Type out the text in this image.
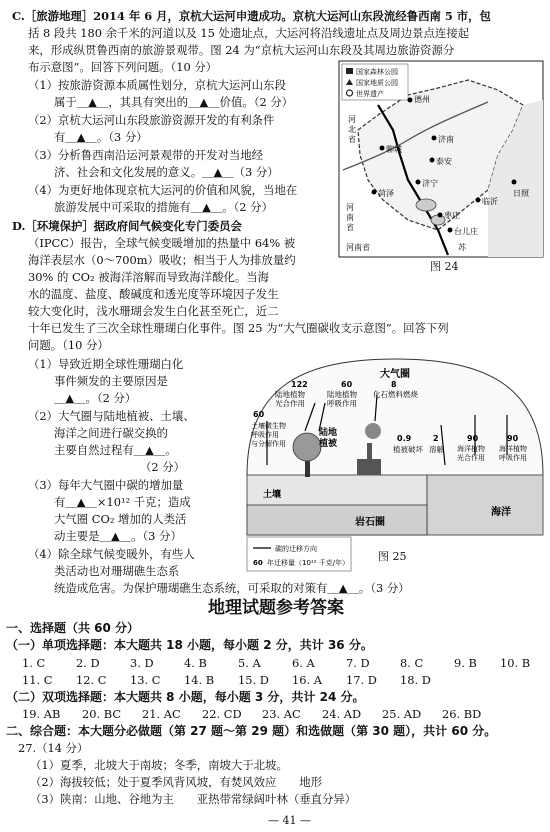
C.［旅游地理］2014 年 6 月，京杭大运河申遗成功。京杭大运河山东段流经鲁西南 5 市，包
括 8 段共 180 余千米的河道以及 15 处遗址点，大运河将沿线遗址点及周边景点连接起
来，形成纵贯鲁西南的旅游景观带。图 24 为“京杭大运河山东段及其周边旅游资源分
布示意图”。回答下列问题。（10 分）
（1）按旅游资源本质属性划分，京杭大运河山东段
属于＿▲＿，其具有突出的＿▲＿价值。（2 分）
（2）京杭大运河山东段旅游资源开发的有利条件
有＿▲＿。（3 分）
（3）分析鲁西南沿运河景观带的开发对当地经
济、社会和文化发展的意义。＿▲＿（3 分）
（4）为更好地体现京杭大运河的价值和风貌，当地在
旅游发展中可采取的措施有＿▲＿。（2 分）
国家森林公园
国家地质公园
世界遗产
德州
聊城
济南
泰安
菏泽
济宁
枣庄
台儿庄
日照
临沂
河
北
省
河
南
省
苏
河南省
图 24
D.［环境保护］据政府间气候变化专门委员会
（IPCC）报告，全球气候变暖增加的热量中 64% 被
海洋表层水（0～700m）吸收；相当于人为排放量约
30% 的 CO₂ 被海洋溶解而导致海洋酸化。当海
水的温度、盐度、酸碱度和透光度等环境因子发生
较大变化时，浅水珊瑚会发生白化甚至死亡，近二
十年已发生了三次全球性珊瑚白化事件。图 25 为“大气圈碳收支示意图”。回答下列
问题。（10 分）
（1）导致近期全球性珊瑚白化
事件频发的主要原因是
＿▲＿。（2 分）
（2）大气圈与陆地植被、土壤、
海洋之间进行碳交换的
主要自然过程有＿▲＿。
（2 分）
（3）每年大气圈中碳的增加量
有＿▲＿×10¹² 千克；造成
大气圈 CO₂ 增加的人类活
动主要是＿▲＿。（3 分）
（4）除全球气候变暖外，有些人
类活动也对珊瑚礁生态系
统造成危害。为保护珊瑚礁生态系统，可采取的对策有＿▲＿。（3 分）
大气圈
土壤
岩石圈
海洋
陆地
植被
122
陆地植物
光合作用
60
陆地植物
呼吸作用
8
化石燃料燃烧
60
土壤微生物
呼吸作用
与分解作用
0.9
植被破坏
2
溶解
90
海洋植物
光合作用
90
海洋植物
呼吸作用
碳的迁移方向
60 年迁移量（10¹² 千克/年）	图 25
地理试题参考答案
一、选择题（共 60 分）
（一）单项选择题：本大题共 18 小题，每小题 2 分，共计 36 分。
1. C	2. D	3. D	4. B	5. A	6. A	7. D	8. C	9. B 10. B
11. C 12. C 13. C 14. B 15. D 16. A 17. D 18. D
（二）双项选择题：本大题共 8 小题，每小题 3 分，共计 24 分。
19. AB 20. BC 21. AC 22. CD 23. AC 24. AD 25. AD 26. BD
二、综合题：本大题分必做题（第 27 题～第 29 题）和选做题（第 30 题），共计 60 分。
27.（14 分）
（1）夏季，北坡大于南坡；冬季，南坡大于北坡。
（2）海拔较低；处于夏季风背风坡，有焚风效应　　地形
（3）陕南：山地、谷地为主　　亚热带常绿阔叶林（垂直分异）
— 41 —
